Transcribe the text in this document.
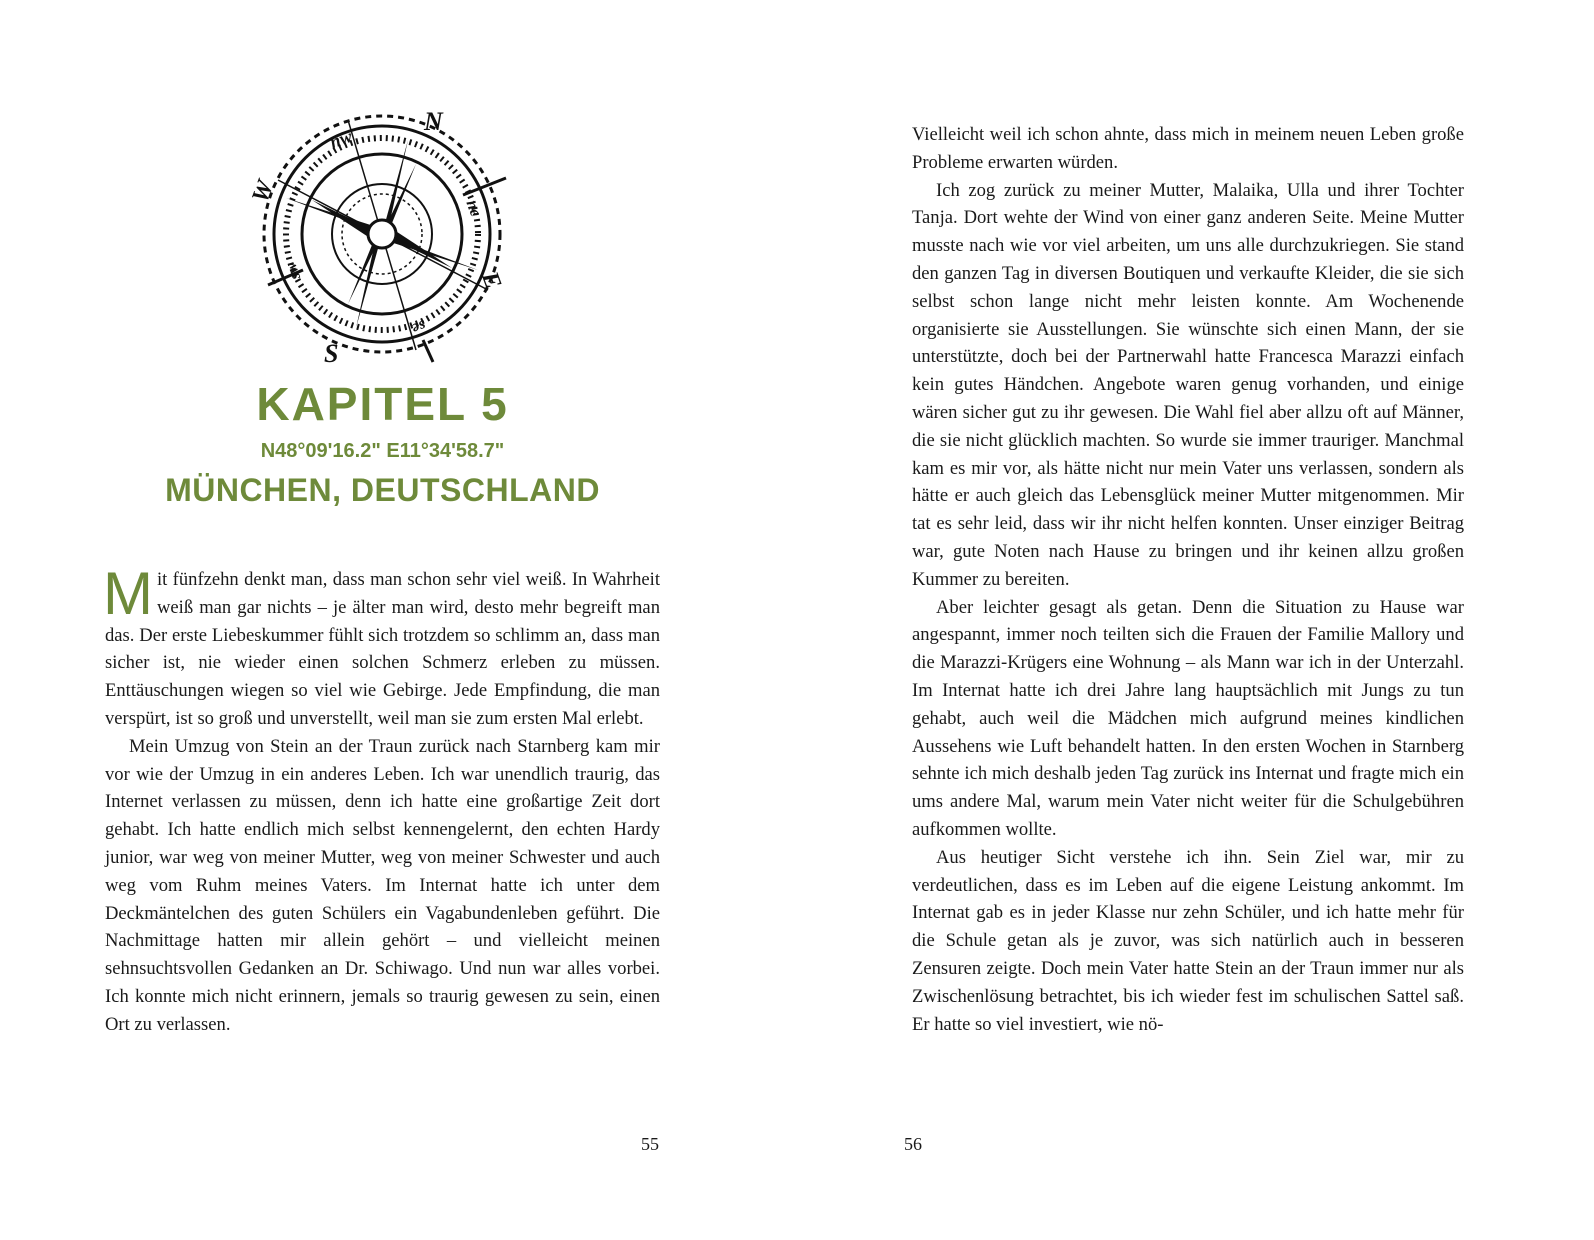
N
E
S
W
nw
ne
se
sw
KAPITEL 5
N48°09'16.2" E11°34'58.7"
MÜNCHEN, DEUTSCHLAND

Mit fünfzehn denkt man, dass man schon sehr viel weiß. In Wahrheit weiß man gar nichts – je älter man wird, desto mehr begreift man das. Der erste Liebeskummer fühlt sich trotzdem so schlimm an, dass man sicher ist, nie wieder einen solchen Schmerz erleben zu müssen. Enttäuschungen wiegen so viel wie Gebirge. Jede Empfindung, die man verspürt, ist so groß und unverstellt, weil man sie zum ersten Mal erlebt.

Mein Umzug von Stein an der Traun zurück nach Starnberg kam mir vor wie der Umzug in ein anderes Leben. Ich war unendlich traurig, das Internet verlassen zu müssen, denn ich hatte eine großartige Zeit dort gehabt. Ich hatte endlich mich selbst kennengelernt, den echten Hardy junior, war weg von meiner Mutter, weg von meiner Schwester und auch weg vom Ruhm meines Vaters. Im Internat hatte ich unter dem Deckmäntelchen des guten Schülers ein Vagabundenleben geführt. Die Nachmittage hatten mir allein gehört – und vielleicht meinen sehnsuchtsvollen Gedanken an Dr. Schiwago. Und nun war alles vorbei. Ich konnte mich nicht erinnern, jemals so traurig gewesen zu sein, einen Ort zu verlassen.

55

Vielleicht weil ich schon ahnte, dass mich in meinem neuen Leben große Probleme erwarten würden.

Ich zog zurück zu meiner Mutter, Malaika, Ulla und ihrer Tochter Tanja. Dort wehte der Wind von einer ganz anderen Seite. Meine Mutter musste nach wie vor viel arbeiten, um uns alle durchzukriegen. Sie stand den ganzen Tag in diversen Boutiquen und verkaufte Kleider, die sie sich selbst schon lange nicht mehr leisten konnte. Am Wochenende organisierte sie Ausstellungen. Sie wünschte sich einen Mann, der sie unterstützte, doch bei der Partnerwahl hatte Francesca Marazzi einfach kein gutes Händchen. Angebote waren genug vorhanden, und einige wären sicher gut zu ihr gewesen. Die Wahl fiel aber allzu oft auf Männer, die sie nicht glücklich machten. So wurde sie immer trauriger. Manchmal kam es mir vor, als hätte nicht nur mein Vater uns verlassen, sondern als hätte er auch gleich das Lebensglück meiner Mutter mitgenommen. Mir tat es sehr leid, dass wir ihr nicht helfen konnten. Unser einziger Beitrag war, gute Noten nach Hause zu bringen und ihr keinen allzu großen Kummer zu bereiten.

Aber leichter gesagt als getan. Denn die Situation zu Hause war angespannt, immer noch teilten sich die Frauen der Familie Mallory und die Marazzi-Krügers eine Wohnung – als Mann war ich in der Unterzahl. Im Internat hatte ich drei Jahre lang hauptsächlich mit Jungs zu tun gehabt, auch weil die Mädchen mich aufgrund meines kindlichen Aussehens wie Luft behandelt hatten. In den ersten Wochen in Starnberg sehnte ich mich deshalb jeden Tag zurück ins Internat und fragte mich ein ums andere Mal, warum mein Vater nicht weiter für die Schulgebühren aufkommen wollte.

Aus heutiger Sicht verstehe ich ihn. Sein Ziel war, mir zu verdeutlichen, dass es im Leben auf die eigene Leistung ankommt. Im Internat gab es in jeder Klasse nur zehn Schüler, und ich hatte mehr für die Schule getan als je zuvor, was sich natürlich auch in besseren Zensuren zeigte. Doch mein Vater hatte Stein an der Traun immer nur als Zwischenlösung betrachtet, bis ich wieder fest im schulischen Sattel saß. Er hatte so viel investiert, wie nö-

56
